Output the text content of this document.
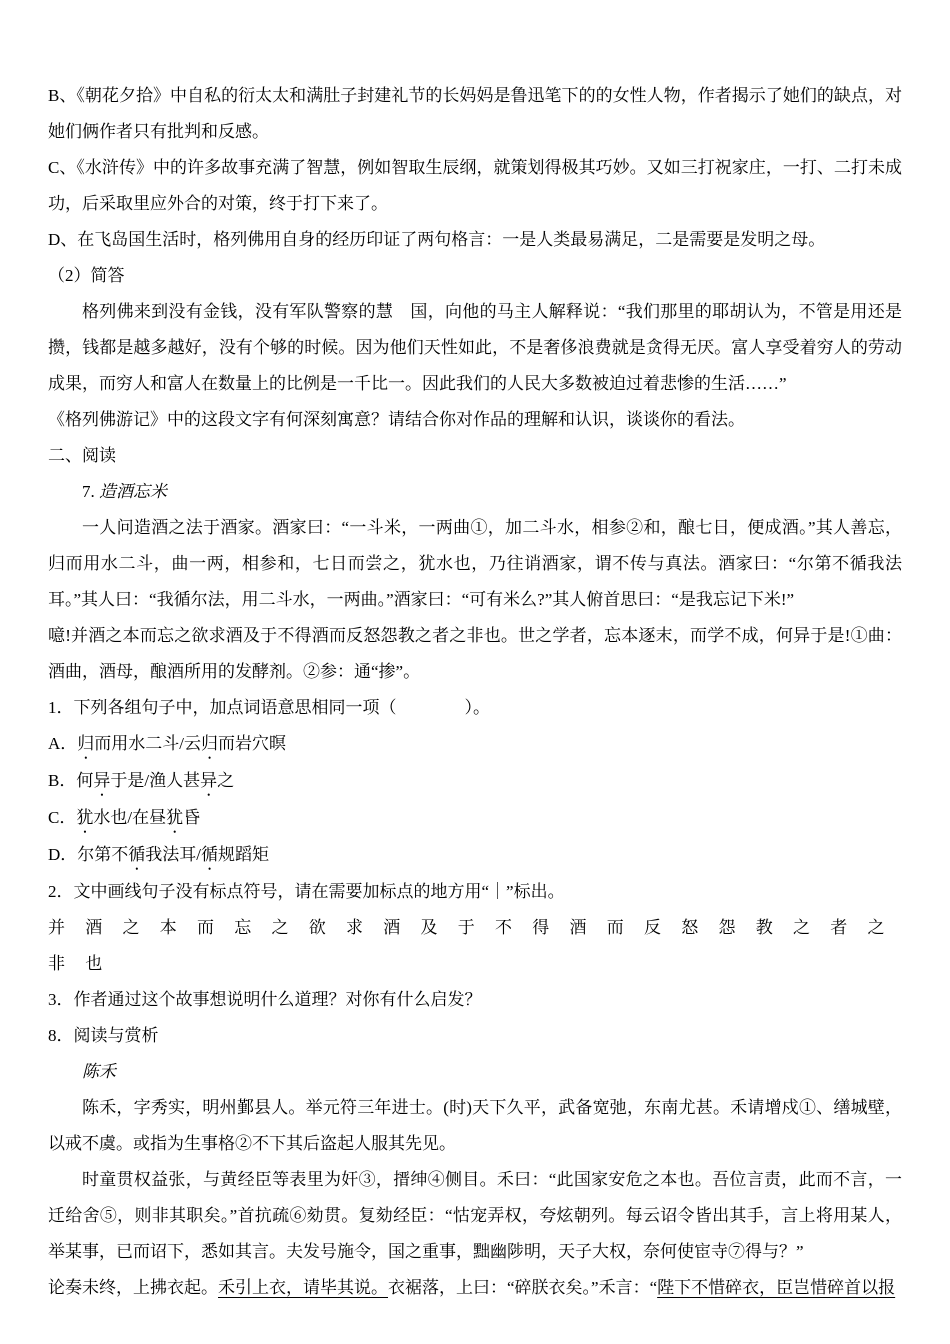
B、《朝花夕拾》中自私的衍太太和满肚子封建礼节的长妈妈是鲁迅笔下的的女性人物，作者揭示了她们的缺点，对她们俩作者只有批判和反感。

C、《水浒传》中的许多故事充满了智慧，例如智取生辰纲，就策划得极其巧妙。又如三打祝家庄，一打、二打未成功，后采取里应外合的对策，终于打下来了。

D、在飞岛国生活时，格列佛用自身的经历印证了两句格言：一是人类最易满足，二是需要是发明之母。

（2）简答

格列佛来到没有金钱，没有军队警察的慧　国，向他的马主人解释说：“我们那里的耶胡认为，不管是用还是攒，钱都是越多越好，没有个够的时候。因为他们天性如此，不是奢侈浪费就是贪得无厌。富人享受着穷人的劳动成果，而穷人和富人在数量上的比例是一千比一。因此我们的人民大多数被迫过着悲惨的生活……”

《格列佛游记》中的这段文字有何深刻寓意？请结合你对作品的理解和认识，谈谈你的看法。

二、阅读

7. 造酒忘米

一人问造酒之法于酒家。酒家曰：“一斗米，一两曲①，加二斗水，相参②和，酿七日，便成酒。”其人善忘，归而用水二斗，曲一两，相参和，七日而尝之，犹水也，乃往诮酒家，谓不传与真法。酒家曰：“尔第不循我法耳。”其人曰：“我循尔法，用二斗水，一两曲。”酒家曰：“可有米么?”其人俯首思曰：“是我忘记下米!”

噫!并酒之本而忘之欲求酒及于不得酒而反怒怨教之者之非也。世之学者，忘本逐末，而学不成，何异于是!①曲：酒曲，酒母，酿酒所用的发酵剂。②参：通“掺”。

1．下列各组句子中，加点词语意思相同一项（　　　　）。

A．归而用水二斗/云归而岩穴暝

B．何异于是/渔人甚异之

C．犹水也/在昼犹昏

D．尔第不循我法耳/循规蹈矩

2．文中画线句子没有标点符号，请在需要加标点的地方用“｜”标出。

并 酒 之 本 而 忘 之 欲 求 酒 及 于 不 得 酒 而 反 怒 怨 教 之 者 之 非 也

3．作者通过这个故事想说明什么道理？对你有什么启发？

8．阅读与赏析

陈禾

陈禾，字秀实，明州鄞县人。举元符三年进士。(时)天下久平，武备宽弛，东南尤甚。禾请增戍①、缮城壁，以戒不虞。或指为生事格②不下其后盗起人服其先见。

时童贯权益张，与黄经臣等表里为奸③，搢绅④侧目。禾曰：“此国家安危之本也。吾位言责，此而不言，一迁给舍⑤，则非其职矣。”首抗疏⑥劾贯。复劾经臣：“怙宠弄权，夸炫朝列。每云诏令皆出其手，言上将用某人，举某事，已而诏下，悉如其言。夫发号施令，国之重事，黜幽陟明，天子大权，奈何使宦寺⑦得与？”

论奏未终，上拂衣起。禾引上衣，请毕其说。衣裾落，上曰：“碎朕衣矣。”禾言：“陛下不惜碎衣，臣岂惜碎首以报
